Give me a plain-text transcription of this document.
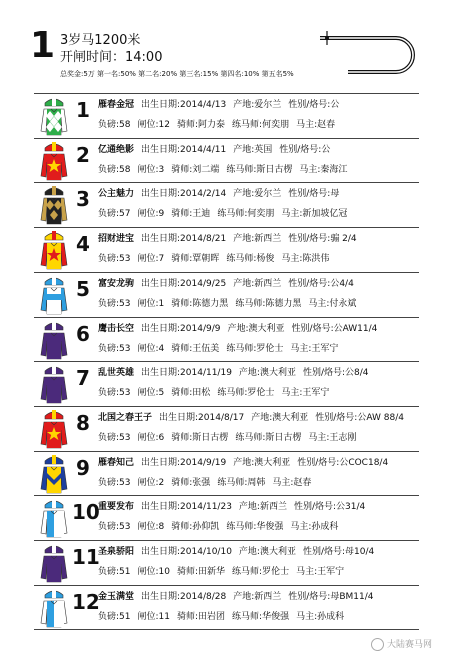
1 3岁马1200米
开闸时间：14:00
总奖金:5万 第一名:50% 第二名:20% 第三名:15% 第四名:10% 第五名5%
1 雁春金冠 出生日期:2014/4/13 产地:爱尔兰 性别/烙号:公
负磅:58 闸位:12 骑师:阿力泰 练马师:何奕朋 马主:赵春
2 亿通绝影 出生日期:2014/4/11 产地:英国 性别/烙号:公
负磅:58 闸位:3 骑师:刘二端 练马师:斯日古楞 马主:秦海江
3 公主魅力 出生日期:2014/2/14 产地:爱尔兰 性别/烙号:母
负磅:57 闸位:9 骑师:王迪 练马师:何奕朋 马主:新加坡亿冠
4 招财进宝 出生日期:2014/8/21 产地:新西兰 性别/烙号:骟 2/4
负磅:53 闸位:7 骑师:覃朝晖 练马师:杨俊 马主:陈洪伟
5 富安龙驹 出生日期:2014/9/25 产地:新西兰 性别/烙号:公4/4
负磅:53 闸位:1 骑师:陈德力黑 练马师:陈德力黑 马主:付永斌
6 鹰击长空 出生日期:2014/9/9 产地:澳大利亚 性别/烙号:公AW11/4
负磅:53 闸位:4 骑师:王伍美 练马师:罗伦士 马主:王军宁
7 乱世英雄 出生日期:2014/11/19 产地:澳大利亚 性别/烙号:公8/4
负磅:53 闸位:5 骑师:田松 练马师:罗伦士 马主:王军宁
8 北国之春王子 出生日期:2014/8/17 产地:澳大利亚 性别/烙号:公AW 88/4
负磅:53 闸位:6 骑师:斯日古楞 练马师:斯日古楞 马主:王志刚
9 雁春知己 出生日期:2014/9/19 产地:澳大利亚 性别/烙号:公COC18/4
负磅:53 闸位:2 骑师:张强 练马师:周韩 马主:赵春
10
重要发布 出生日期:2014/11/23 产地:新西兰 性别/烙号:公31/4
负磅:53 闸位:8 骑师:孙仰凯 练马师:华俊强 马主:孙成科
11
圣泉骄阳 出生日期:2014/10/10 产地:澳大利亚 性别/烙号:母10/4
负磅:51 闸位:10 骑师:田新华 练马师:罗伦士 马主:王军宁
12
金玉满堂 出生日期:2014/8/28 产地:新西兰 性别/烙号:母BM11/4
负磅:51 闸位:11 骑师:田岩团 练马师:华俊强 马主:孙成科
大陆赛马网
